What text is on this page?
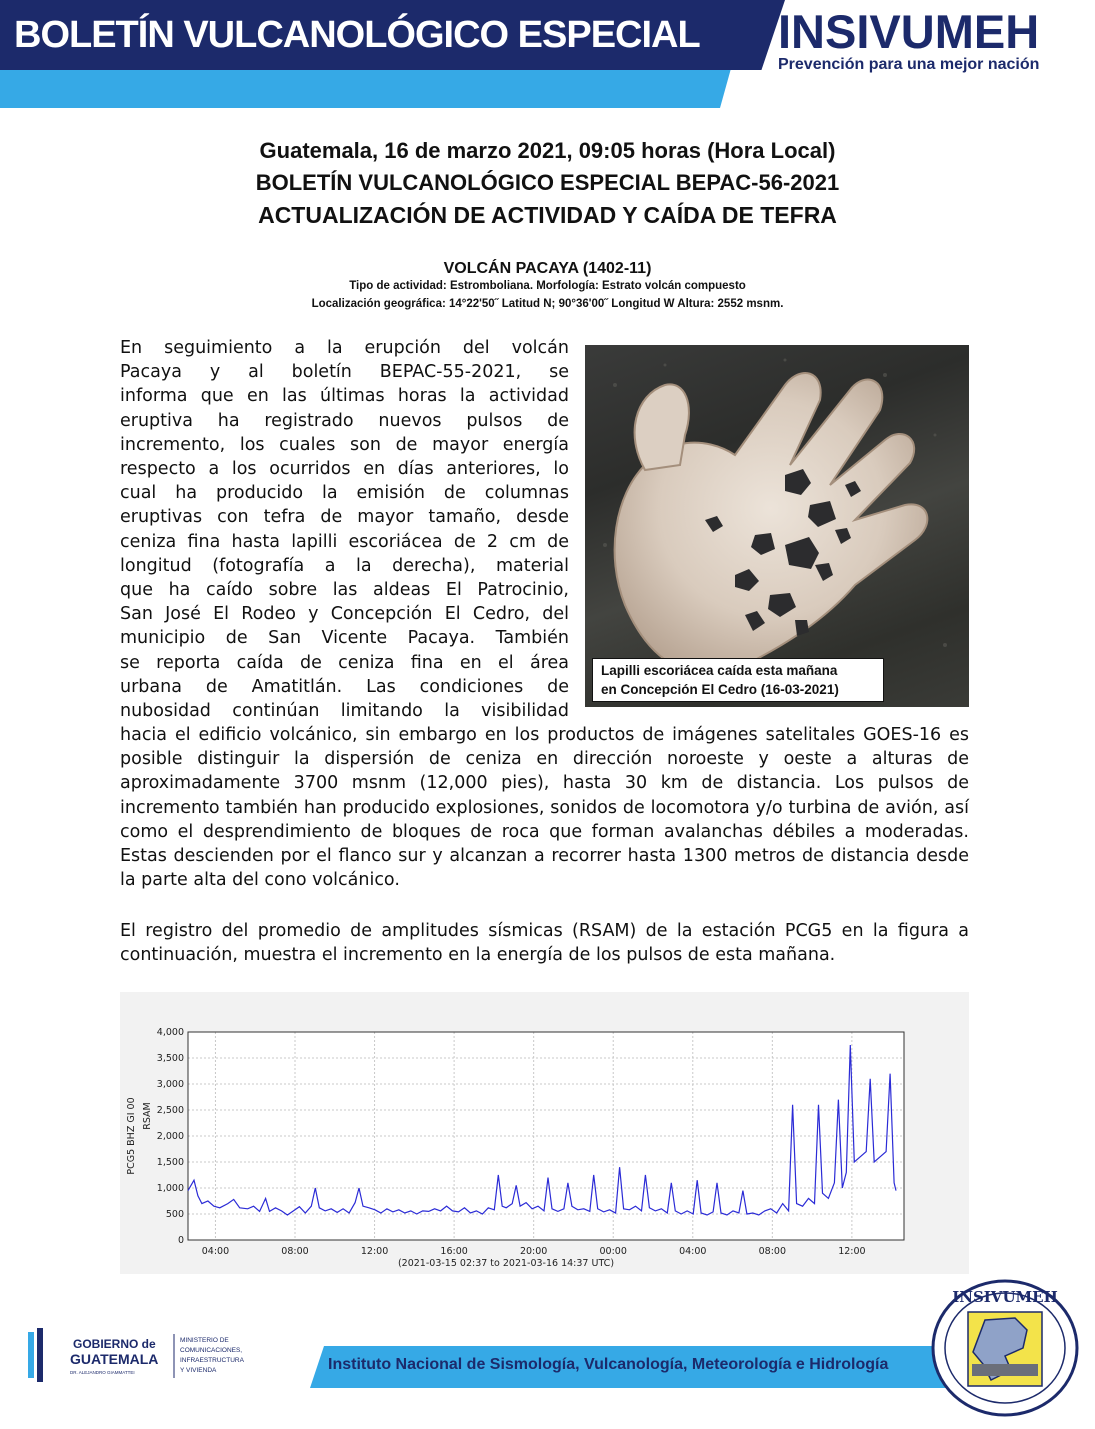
BOLETÍN VULCANOLÓGICO ESPECIAL INSIVUMEH
Prevención para una mejor nación
Guatemala, 16 de marzo 2021, 09:05 horas (Hora Local)
BOLETÍN VULCANOLÓGICO ESPECIAL BEPAC-56-2021
ACTUALIZACIÓN DE ACTIVIDAD Y CAÍDA DE TEFRA
VOLCÁN PACAYA (1402-11)
Tipo de actividad: Estromboliana. Morfología: Estrato volcán compuesto
Localización geográfica: 14°22'50˝ Latitud N; 90°36'00˝ Longitud W Altura: 2552 msnm.
En seguimiento a la erupción del volcán
Pacaya y al boletín BEPAC-55-2021, se
informa que en las últimas horas la actividad
eruptiva ha registrado nuevos pulsos de
incremento, los cuales son de mayor energía
respecto a los ocurridos en días anteriores, lo
cual ha producido la emisión de columnas
eruptivas con tefra de mayor tamaño, desde
ceniza fina hasta lapilli escoriácea de 2 cm de
longitud (fotografía a la derecha), material
que ha caído sobre las aldeas El Patrocinio,
San José El Rodeo y Concepción El Cedro, del
municipio de San Vicente Pacaya. También
se reporta caída de ceniza fina en el área
urbana de Amatitlán. Las condiciones de
nubosidad continúan limitando la visibilidad

hacia el edificio volcánico, sin embargo en los productos de imágenes satelitales GOES-16 es posible distinguir la dispersión de ceniza en dirección noroeste y oeste a alturas de aproximadamente 3700 msnm (12,000 pies), hasta 30 km de distancia. Los pulsos de incremento también han producido explosiones, sonidos de locomotora y/o turbina de avión, así como el desprendimiento de bloques de roca que forman avalanchas débiles a moderadas. Estas descienden por el flanco sur y alcanzan a recorrer hasta 1300 metros de distancia desde la parte alta del cono volcánico.

El registro del promedio de amplitudes sísmicas (RSAM) de la estación PCG5 en la figura a continuación, muestra el incremento en la energía de los pulsos de esta mañana.

Lapilli escoriácea caída esta mañana
en Concepción El Cedro (16-03-2021)
0
500
1,000
1,500
2,000
2,500
3,000
3,500
4,000
04:00	08:00	12:00	16:00	20:00	00:00	04:00	08:00	12:00
PCG5 BHZ GI 00 RSAM
(2021-03-15 02:37 to 2021-03-16 14:37 UTC)
GOBIERNO de
GUATEMALA
DR. ALEJANDRO GIAMMATTEI
MINISTERIO DE
COMUNICACIONES,
INFRAESTRUCTURA
Y VIVIENDA	Instituto Nacional de Sismología, Vulcanología, Meteorología e Hidrología
INSIVUMEH
